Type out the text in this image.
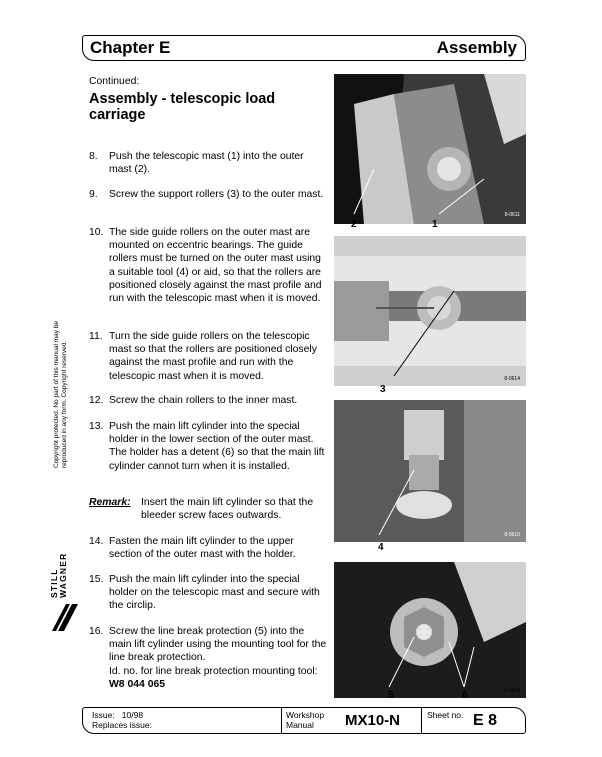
Chapter E	Assembly
Copyright protected. No part of this manual may be reproduced in any form. Copyright reserved.
STILL WAGNER
Continued:
Assembly - telescopic load carriage
8. Push the telescopic mast (1) into the outer mast (2).
9. Screw the support rollers (3) to the outer mast.
10. The side guide rollers on the outer mast are mounted on eccentric bearings. The guide rollers must be turned on the outer mast using a suitable tool (4) or aid, so that the rollers are positioned closely against the mast profile and run with the telescopic mast when it is moved.
11. Turn the side guide rollers on the telescopic mast so that the rollers are positioned closely against the mast profile and run with the telescopic mast when it is moved.
12. Screw the chain rollers to the inner mast.
13. Push the main lift cylinder into the special holder in the lower section of the outer mast. The holder has a detent (6) so that the main lift cylinder cannot turn when it is installed.
Remark: Insert the main lift cylinder so that the bleeder screw faces outwards.
14. Fasten the main lift cylinder to the upper section of the outer mast with the holder.
15. Push the main lift cylinder into the special holder on the telescopic mast and secure with the circlip.
16. Screw the line break protection (5) into the main lift cylinder using the mounting tool for the line break protection.
Id. no. for line break protection mounting tool: W8 044 065
8-0611
2	1
8-0614
3
8-0615
4
8-0618
5	6
Issue: 10/98
Replaces issue:
Workshop
Manual	MX10-N	Sheet no. E 8
